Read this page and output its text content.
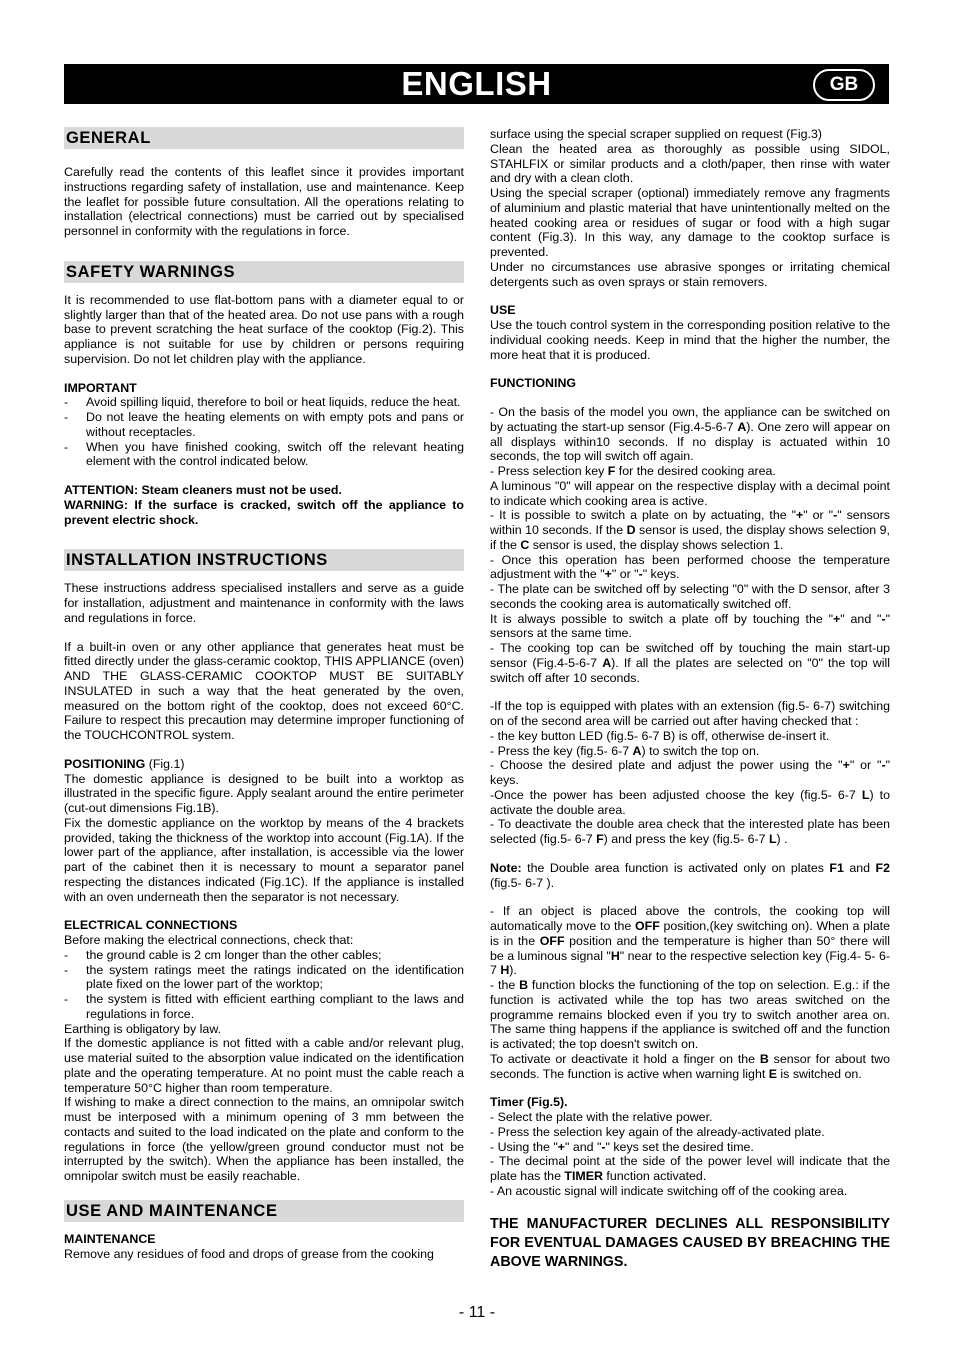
ENGLISH	GB
GENERAL

Carefully read the contents of this leaflet since it provides important instructions regarding safety of installation, use and maintenance. Keep the leaflet for possible future consultation. All the operations relating to installation (electrical connections) must be carried out by specialised personnel in conformity with the regulations in force.

SAFETY WARNINGS

It is recommended to use flat-bottom pans with a diameter equal to or slightly larger than that of the heated area. Do not use pans with a rough base to prevent scratching the heat surface of the cooktop (Fig.2). This appliance is not suitable for use by children or persons requiring supervision. Do not let children play with the appliance.

IMPORTANT
- Avoid spilling liquid, therefore to boil or heat liquids, reduce the heat.
- Do not leave the heating elements on with empty pots and pans or without receptacles.
- When you have finished cooking, switch off the relevant heating element with the control indicated below.

ATTENTION: Steam cleaners must not be used.

WARNING: If the surface is cracked, switch off the appliance to prevent electric shock.

INSTALLATION INSTRUCTIONS

These instructions address specialised installers and serve as a guide for installation, adjustment and maintenance in conformity with the laws and regulations in force.

If a built-in oven or any other appliance that generates heat must be fitted directly under the glass-ceramic cooktop, THIS APPLIANCE (oven) AND THE GLASS-CERAMIC COOKTOP MUST BE SUITABLY INSULATED in such a way that the heat generated by the oven, measured on the bottom right of the cooktop, does not exceed 60°C. Failure to respect this precaution may determine improper functioning of the TOUCHCONTROL system.

POSITIONING (Fig.1)

The domestic appliance is designed to be built into a worktop as illustrated in the specific figure. Apply sealant around the entire perimeter (cut-out dimensions Fig.1B).

Fix the domestic appliance on the worktop by means of the 4 brackets provided, taking the thickness of the worktop into account (Fig.1A). If the lower part of the appliance, after installation, is accessible via the lower part of the cabinet then it is necessary to mount a separator panel respecting the distances indicated (Fig.1C). If the appliance is installed with an oven underneath then the separator is not necessary.

ELECTRICAL CONNECTIONS

Before making the electrical connections, check that:

- the ground cable is 2 cm longer than the other cables;
- the system ratings meet the ratings indicated on the identification plate fixed on the lower part of the worktop;
- the system is fitted with efficient earthing compliant to the laws and regulations in force.

Earthing is obligatory by law.

If the domestic appliance is not fitted with a cable and/or relevant plug, use material suited to the absorption value indicated on the identification plate and the operating temperature. At no point must the cable reach a temperature 50°C higher than room temperature.

If wishing to make a direct connection to the mains, an omnipolar switch must be interposed with a minimum opening of 3 mm between the contacts and suited to the load indicated on the plate and conform to the regulations in force (the yellow/green ground conductor must not be interrupted by the switch). When the appliance has been installed, the omnipolar switch must be easily reachable.

USE AND MAINTENANCE
MAINTENANCE

Remove any residues of food and drops of grease from the cooking

surface using the special scraper supplied on request (Fig.3)

Clean the heated area as thoroughly as possible using SIDOL, STAHLFIX or similar products and a cloth/paper, then rinse with water and dry with a clean cloth.

Using the special scraper (optional) immediately remove any fragments of aluminium and plastic material that have unintentionally melted on the heated cooking area or residues of sugar or food with a high sugar content (Fig.3). In this way, any damage to the cooktop surface is prevented.

Under no circumstances use abrasive sponges or irritating chemical detergents such as oven sprays or stain removers.

USE

Use the touch control system in the corresponding position relative to the individual cooking needs. Keep in mind that the higher the number, the more heat that it is produced.

FUNCTIONING

- On the basis of the model you own, the appliance can be switched on by actuating the start-up sensor (Fig.4-5-6-7 A). One zero will appear on all displays within10 seconds. If no display is actuated within 10 seconds, the top will switch off again.

- Press selection key F for the desired cooking area.

A luminous "0" will appear on the respective display with a decimal point to indicate which cooking area is active.

- It is possible to switch a plate on by actuating, the "+" or "-" sensors within 10 seconds. If the D sensor is used, the display shows selection 9, if the C sensor is used, the display shows selection 1.

- Once this operation has been performed choose the temperature adjustment with the "+" or "-" keys.

- The plate can be switched off by selecting "0" with the D sensor, after 3 seconds the cooking area is automatically switched off.

It is always possible to switch a plate off by touching the "+" and "-" sensors at the same time.

- The cooking top can be switched off by touching the main start-up sensor (Fig.4-5-6-7 A). If all the plates are selected on "0" the top will switch off after 10 seconds.

-If the top is equipped with plates with an extension (fig.5- 6-7) switching on of the second area will be carried out after having checked that :

- the key button LED (fig.5- 6-7 B) is off, otherwise de-insert it.

- Press the key (fig.5- 6-7 A) to switch the top on.

- Choose the desired plate and adjust the power using the "+" or "-" keys.

-Once the power has been adjusted choose the key (fig.5- 6-7 L) to activate the double area.

- To deactivate the double area check that the interested plate has been selected (fig.5- 6-7 F) and press the key (fig.5- 6-7 L) .

Note: the Double area function is activated only on plates F1 and F2 (fig.5- 6-7 ).

- If an object is placed above the controls, the cooking top will automatically move to the OFF position,(key switching on). When a plate is in the OFF position and the temperature is higher than 50° there will be a luminous signal "H" near to the respective selection key (Fig.4- 5- 6-7 H).

- the B function blocks the functioning of the top on selection. E.g.: if the function is activated while the top has two areas switched on the programme remains blocked even if you try to switch another area on. The same thing happens if the appliance is switched off and the function is activated; the top doesn't switch on.

To activate or deactivate it hold a finger on the B sensor for about two seconds. The function is active when warning light E is switched on.

Timer (Fig.5).

- Select the plate with the relative power.

- Press the selection key again of the already-activated plate.

- Using the "+" and "-" keys set the desired time.

- The decimal point at the side of the power level will indicate that the plate has the TIMER function activated.

- An acoustic signal will indicate switching off of the cooking area.

THE MANUFACTURER DECLINES ALL RESPONSIBILITY FOR EVENTUAL DAMAGES CAUSED BY BREACHING THE ABOVE WARNINGS.

- 11 -
